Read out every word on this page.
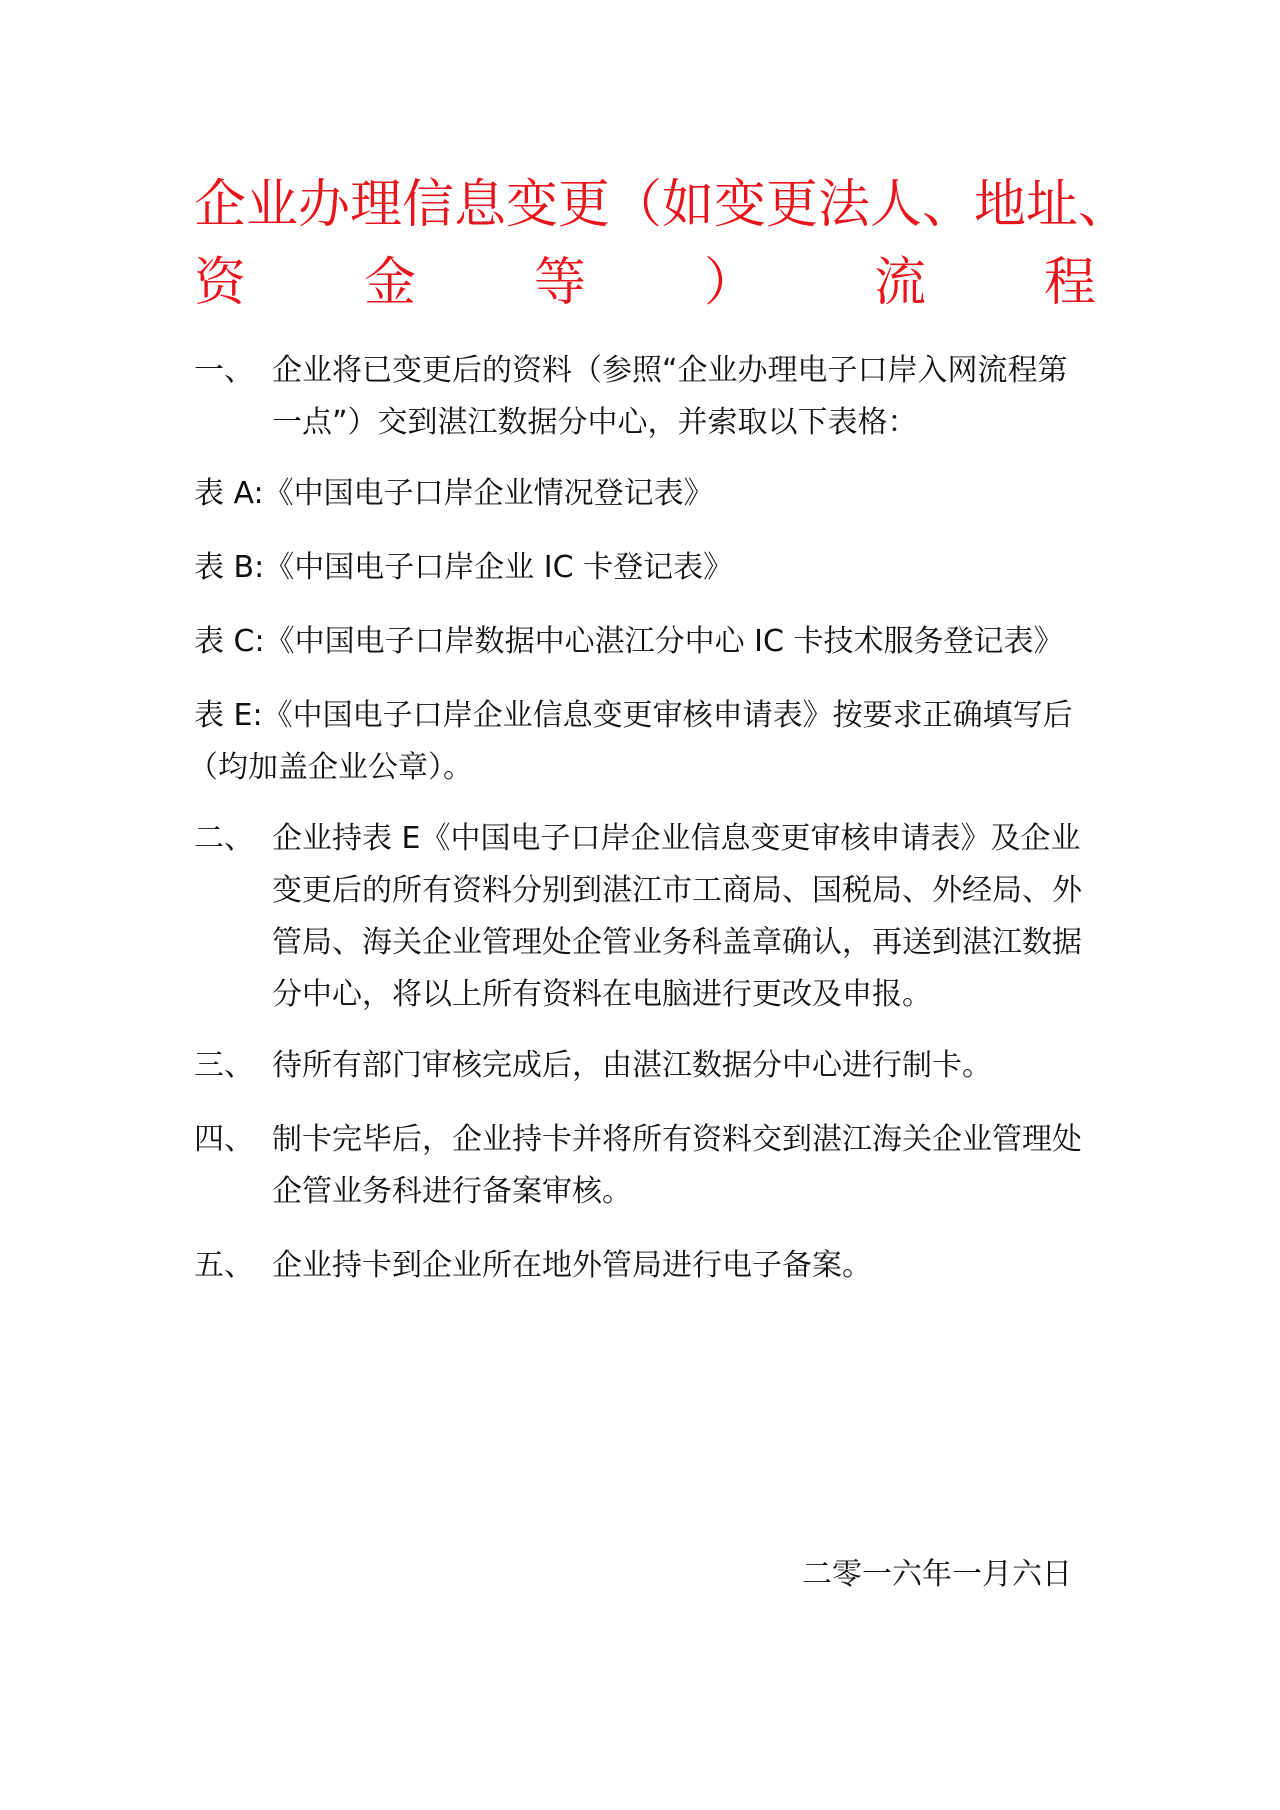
企业办理信息变更（如变更法人、地址、
资 金 等 ） 流 程
一、 企业将已变更后的资料（参照“企业办理电子口岸入网流程第
一点”）交到湛江数据分中心，并索取以下表格：
表 A:《中国电子口岸企业情况登记表》
表 B:《中国电子口岸企业 IC 卡登记表》
表 C:《中国电子口岸数据中心湛江分中心 IC 卡技术服务登记表》
表 E:《中国电子口岸企业信息变更审核申请表》按要求正确填写后
（均加盖企业公章）。
二、 企业持表 E《中国电子口岸企业信息变更审核申请表》及企业
变更后的所有资料分别到湛江市工商局、国税局、外经局、外
管局、海关企业管理处企管业务科盖章确认，再送到湛江数据
分中心，将以上所有资料在电脑进行更改及申报。
三、 待所有部门审核完成后，由湛江数据分中心进行制卡。
四、 制卡完毕后，企业持卡并将所有资料交到湛江海关企业管理处
企管业务科进行备案审核。
五、 企业持卡到企业所在地外管局进行电子备案。
二零一六年一月六日
